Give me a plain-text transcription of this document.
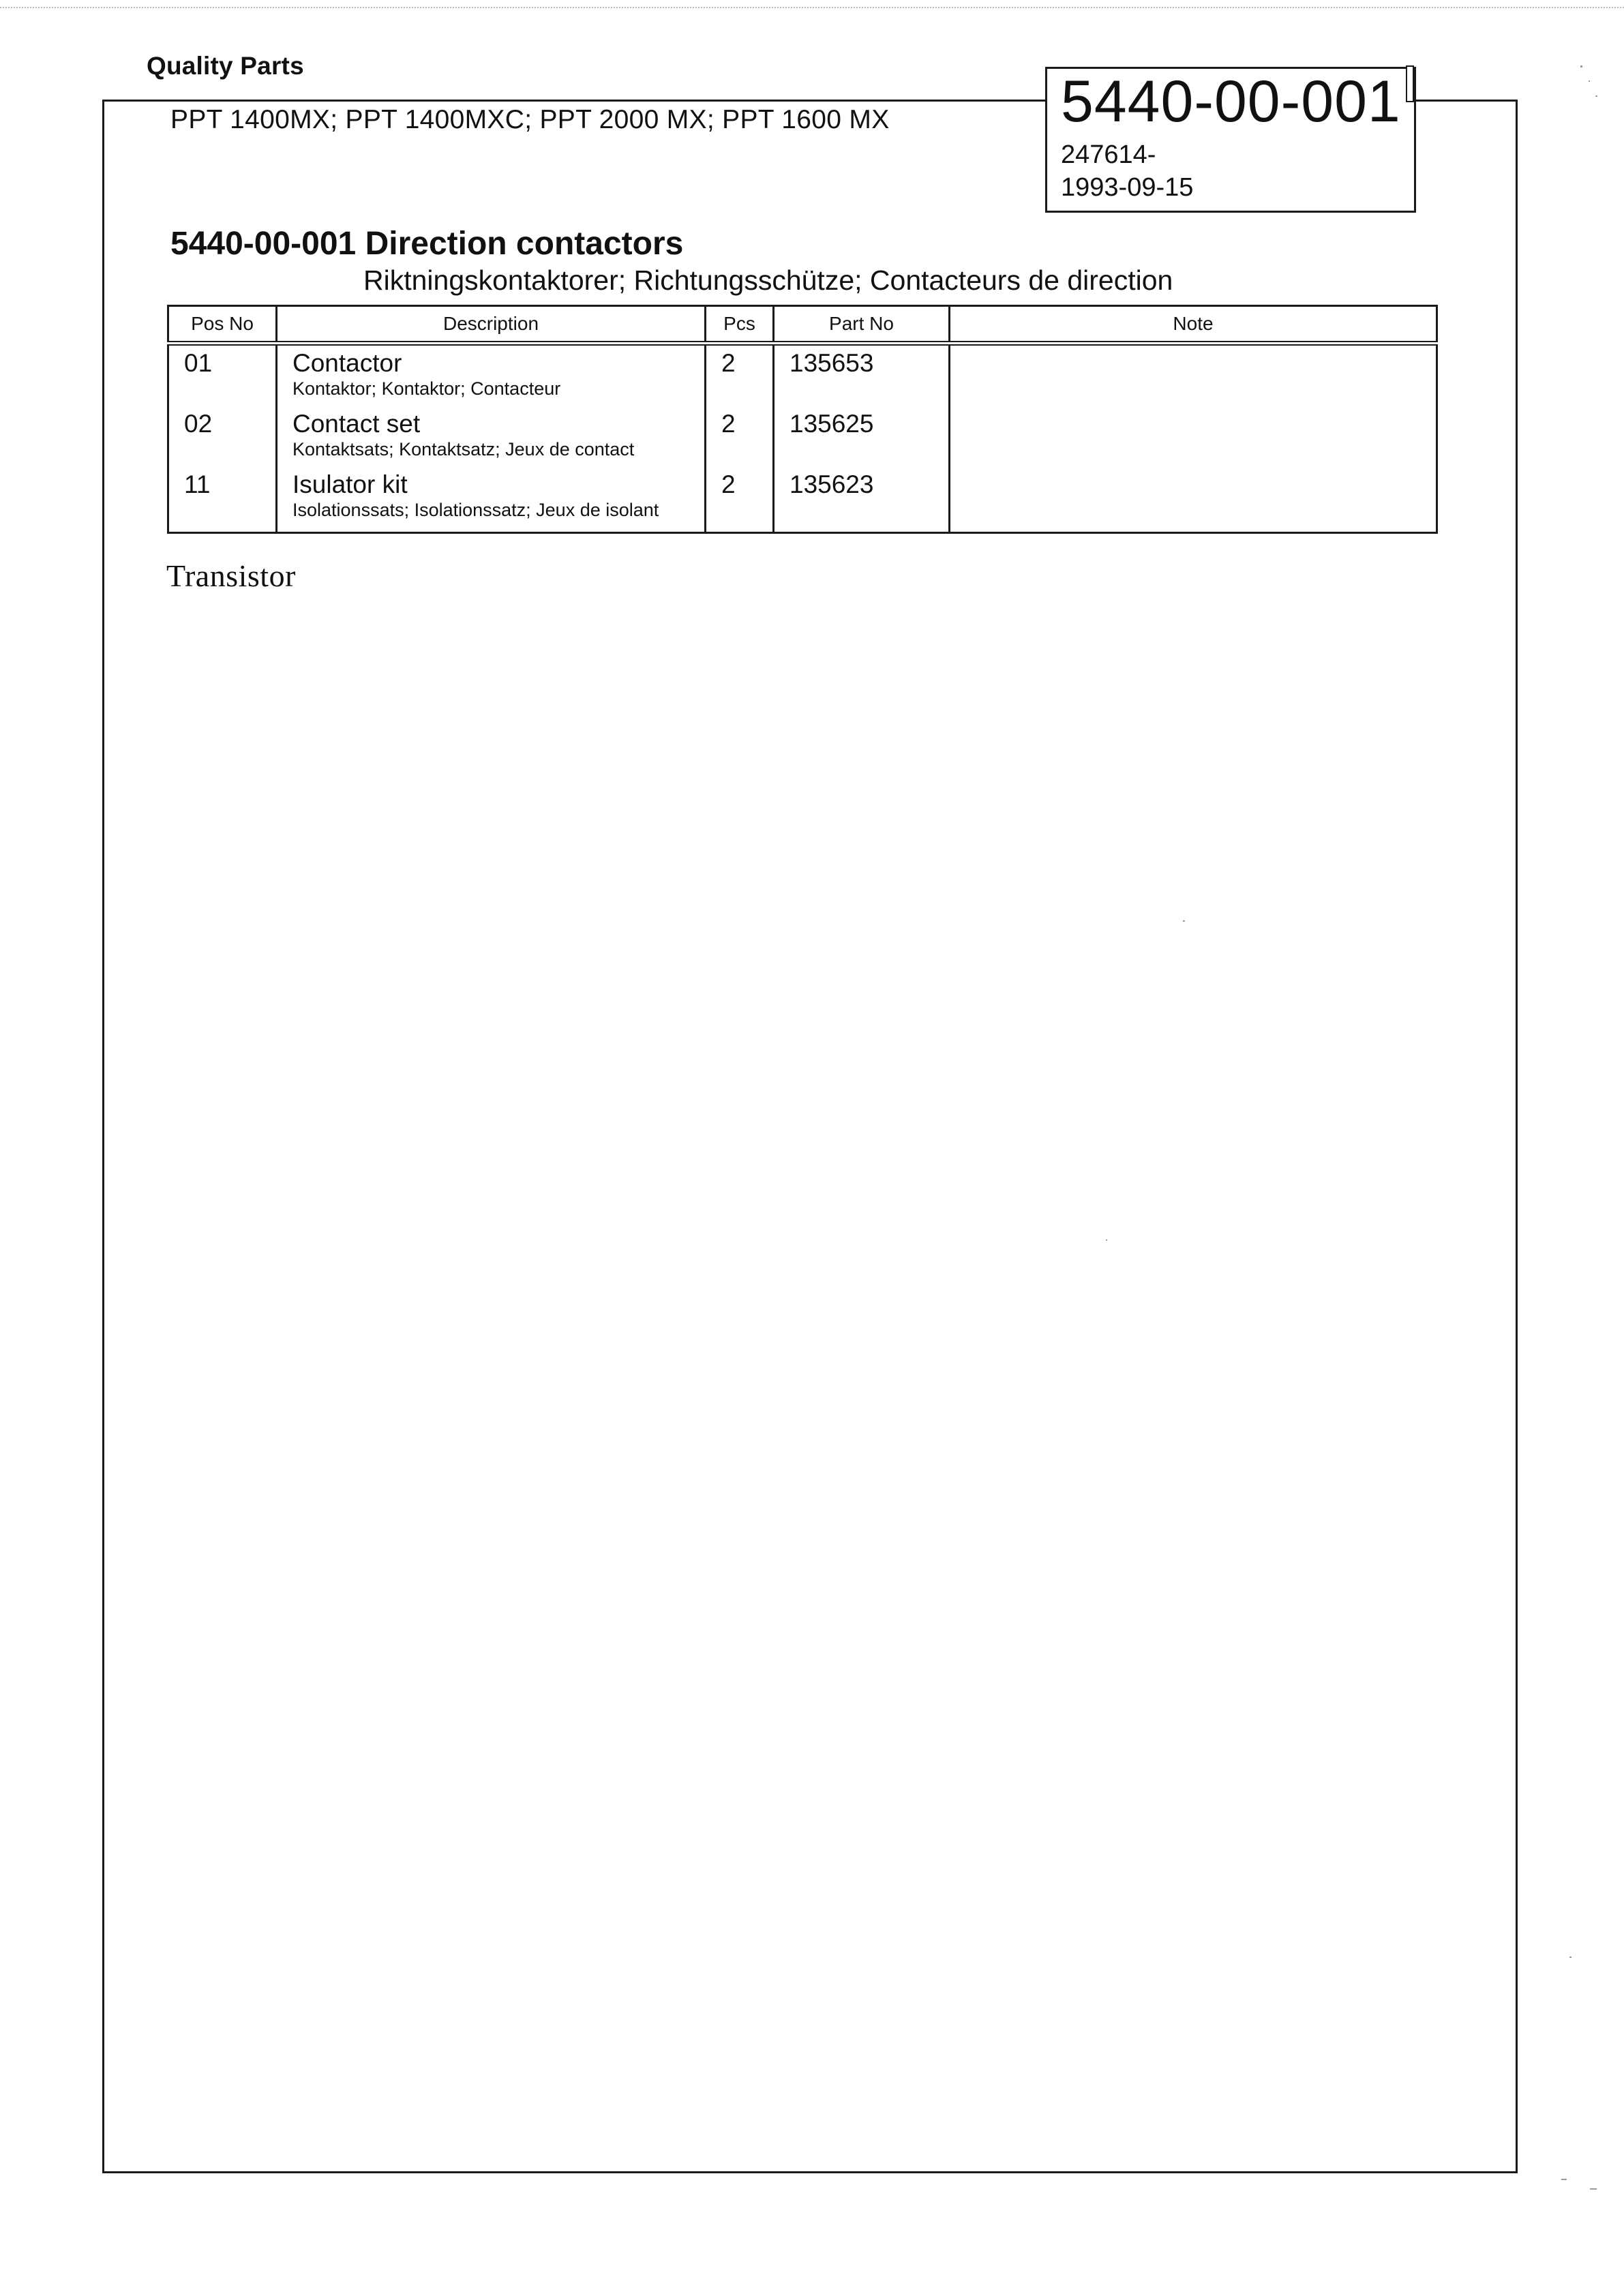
Quality Parts
PPT 1400MX; PPT 1400MXC; PPT 2000 MX; PPT 1600 MX	5440-00-001
247614-
1993-09-15
5440-00-001 Direction contactors
Riktningskontaktorer; Richtungsschütze; Contacteurs de direction
Pos No	Description	Pcs	Part No	Note

01	Contactor
Kontaktor; Kontaktor; Contacteur	2	135653	

02	Contact set
Kontaktsats; Kontaktsatz; Jeux de contact	2	135625	

11	Isulator kit
Isolationssats; Isolationssatz; Jeux de isolant	2	135623	

Transistor
